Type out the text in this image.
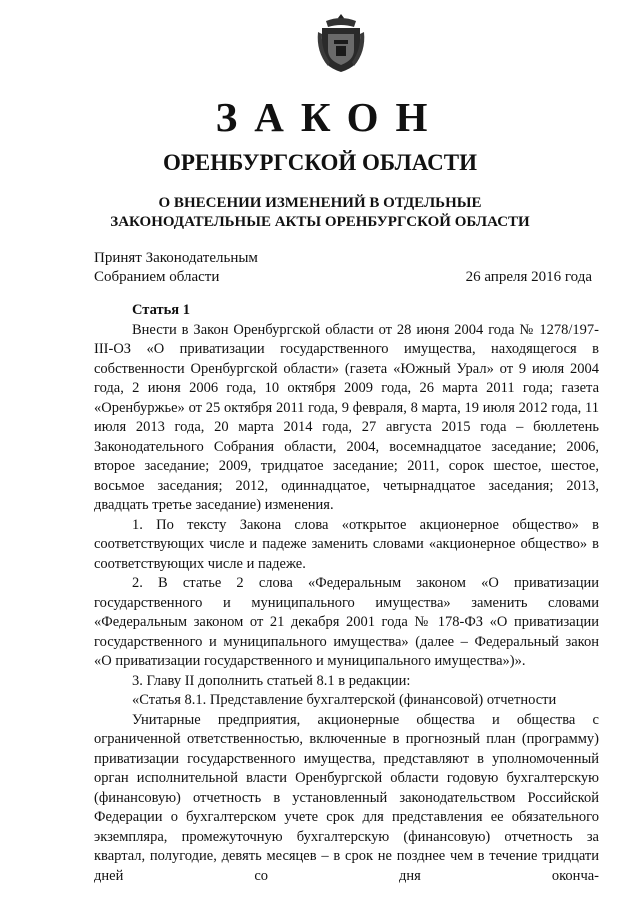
ЗАКОН
ОРЕНБУРГСКОЙ ОБЛАСТИ
О ВНЕСЕНИИ ИЗМЕНЕНИЙ В ОТДЕЛЬНЫЕ
ЗАКОНОДАТЕЛЬНЫЕ АКТЫ ОРЕНБУРГСКОЙ ОБЛАСТИ
Принят Законодательным
Собранием области	26 апреля 2016 года
Статья 1

Внести в Закон Оренбургской области от 28 июня 2004 года № 1278/197-III-ОЗ «О приватизации государственного имущества, находящегося в собственности Оренбургской области» (газета «Южный Урал» от 9 июля 2004 года, 2 июня 2006 года, 10 октября 2009 года, 26 марта 2011 года; газета «Оренбуржье» от 25 октября 2011 года, 9 февраля, 8 марта, 19 июля 2012 года, 11 июля 2013 года, 20 марта 2014 года, 27 августа 2015 года – бюллетень Законодательного Собрания области, 2004, восемнадцатое заседание; 2006, второе заседание; 2009, тридцатое заседание; 2011, сорок шестое, шестое, восьмое заседания; 2012, одиннадцатое, четырнадцатое заседания; 2013, двадцать третье заседание) изменения.

1. По тексту Закона слова «открытое акционерное общество» в соответствующих числе и падеже заменить словами «акционерное общество» в соответствующих числе и падеже.

2. В статье 2 слова «Федеральным законом «О приватизации государственного и муниципального имущества» заменить словами «Федеральным законом от 21 декабря 2001 года № 178-ФЗ «О приватизации государственного и муниципального имущества» (далее – Федеральный закон «О приватизации государственного и муниципального имущества»)».

3. Главу II дополнить статьей 8.1 в редакции:

«Статья 8.1. Представление бухгалтерской (финансовой) отчетности

Унитарные предприятия, акционерные общества и общества с ограниченной ответственностью, включенные в прогнозный план (программу) приватизации государственного имущества, представляют в уполномоченный орган исполнительной власти Оренбургской области годовую бухгалтерскую (финансовую) отчетность в установленный законодательством Российской Федерации о бухгалтерском учете срок для представления ее обязательного экземпляра, промежуточную бухгалтерскую (финансовую) отчетность за квартал, полугодие, девять месяцев – в срок не позднее чем в течение тридцати дней со дня оконча-
